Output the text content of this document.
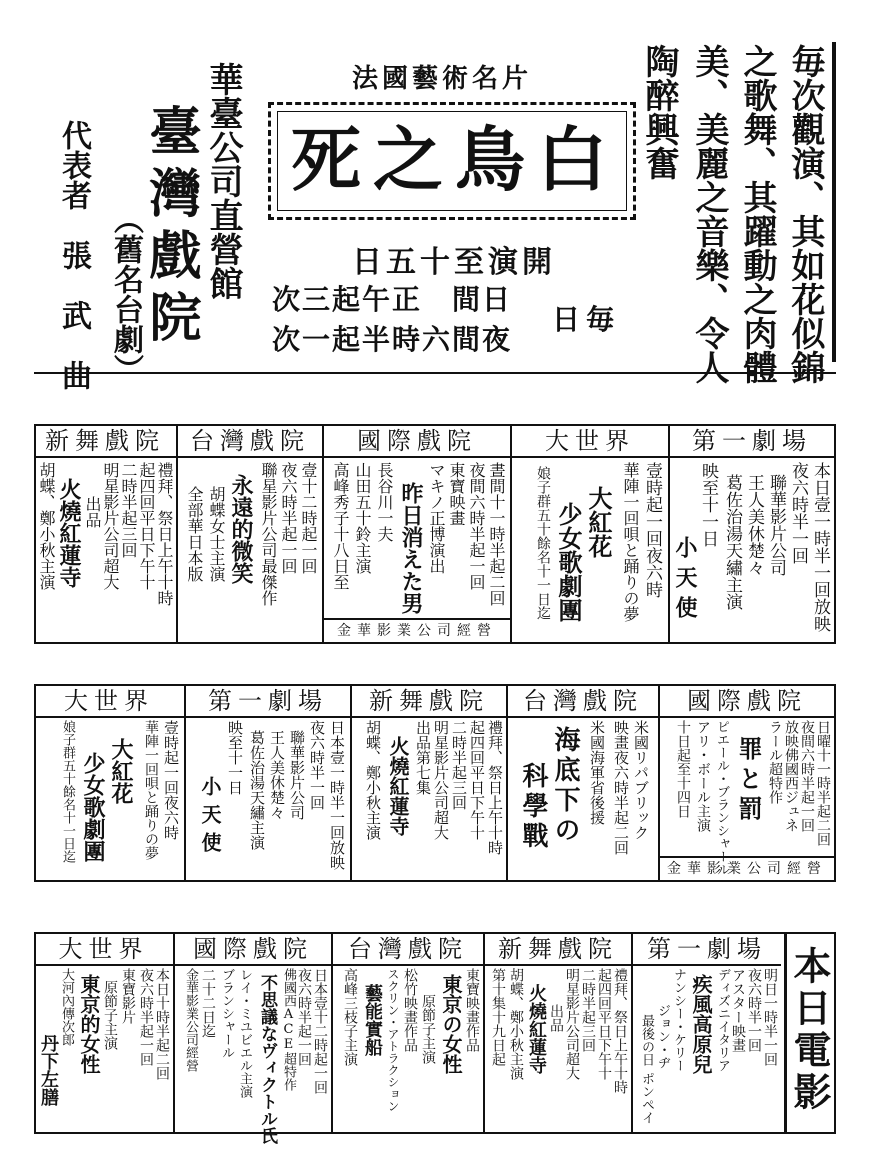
毎次觀演、其如花似錦
之歌舞、其躍動之肉體
美、美麗之音樂、令人
陶醉興奮
法國藝術名片
白鳥之死
開演至十五日
毎日
日間　正午起三次
夜間六時半起一次
華臺公司直營館
臺灣戲院
（舊名台劇）
代表者　張　武　曲
第一劇場
本日壹一時半一回放映
夜六時半一回
聯華影片公司
王人美休楚々
葛佐治湯天繡主演
映至十一日
小天使
大世界
壹時起一回夜六時
華陣一回唄と踊りの夢
大紅花
少女歌劇團
娘子群五十餘名十一日迄
國際戲院
晝間十一時半起二回
夜間六時半起一回
東寶映畫
マキノ正博演出
昨日消えた男
長谷川一夫
山田五十鈴主演
高峰秀子十八日至
金華影業公司經營
台灣戲院
壹十二時起一回
夜六時半起一回
聯星影片公司最傑作
永遠的微笑
胡蝶女士主演
全部華日本版
新舞戲院
禮拜、祭日上午十時
起四回平日下午十
二時半起三回
明星影片公司超大
出品
火燒紅蓮寺
胡蝶、鄭小秋主演
國際戲院
日曜十一時半起二回
夜間六時半起一回
放映佛國西ジュネ
ラール超特作
罪と罰
ピエール・ブランシャール
アリ・ボール主演
十日起至十四日
金華影業公司經營
台灣戲院
米國リパブリック
映畫夜六時半起二回
米國海軍省後援
海底下の
科學戰
新舞戲院
禮拜、祭日上午十時
起四回平日下午十
二時半起三回
明星影片公司超大
出品第七集
火燒紅蓮寺
胡蝶、鄭小秋主演
第一劇場
日本壹一時半一回放映
夜六時半一回
聯華影片公司
王人美休楚々
葛佐治湯天繡主演
映至十一日
小天使
大世界
壹時起一回夜六時
華陣一回唄と踊りの夢
大紅花
少女歌劇團
娘子群五十餘名十一日迄
本日電影
第一劇場
明日一時半一回
夜六時半一回
アスター映畫
ディズニイタリア
疾風高原兒
ナンシー・ケリー
ジョン・ヂ
最後の日
ポンペイ
新舞戲院
禮拜、祭日上午十時
起四回平日下午十
二時半起三回
明星影片公司超大
出品
火燒紅蓮寺
胡蝶、鄭小秋主演
第十集十九日起
台灣戲院
東寶映畫作品
東京の女性
原節子主演
松竹映畫作品
スクリン・アトラクション
藝能實船
高峰三枝子主演
國際戲院
日本壹十二時起一回
夜六時半起一回
佛國西ACE超特作
不思議なヴィクトル氏
レイ・ミユビエル主演
ブランシャール
二十二日迄
金華影業公司經營
大世界
本日十時半起二回
夜六時半起一回
東寶影片
原節子主演
東京的女性
大河內傳次郎
丹下左膳
